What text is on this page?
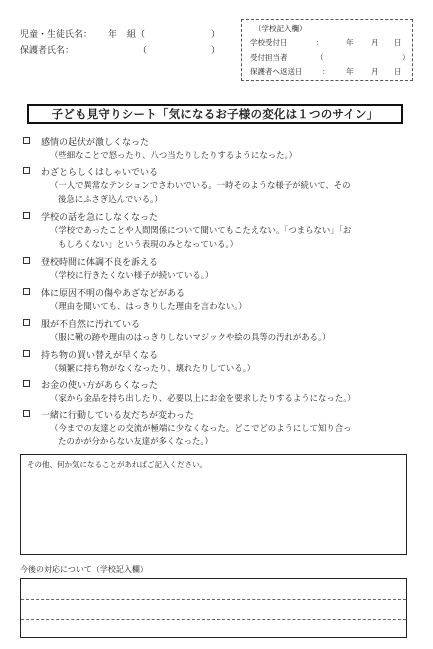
児童・生徒氏名： 年 組（	）
保護者氏名：	（	）
（学校記入欄）
学校受付日	：	年 月 日
受付担当者	（	）
保護者へ返送日	： 年 月 日
子ども見守りシート「気になるお子様の変化は１つのサイン」
感情の起伏が激しくなった
（些細なことで怒ったり、八つ当たりしたりするようになった。）
わざとらしくはしゃいでいる
（一人で異常なテンションでさわいでいる。一時そのような様子が続いて、その
後急にふさぎ込んでいる。）
学校の話を急にしなくなった
（学校であったことや人間関係について聞いてもこたえない。「つまらない」「お
もしろくない」という表現のみとなっている。）
登校時間に体調不良を訴える
（学校に行きたくない様子が続いている。）
体に原因不明の傷やあざなどがある
（理由を聞いても、はっきりした理由を言わない。）
服が不自然に汚れている
（服に靴の跡や理由のはっきりしないマジックや絵の具等の汚れがある。）
持ち物の買い替えが早くなる
（頻繁に持ち物がなくなったり、壊れたりしている。）
お金の使い方があらくなった
（家から金品を持ち出したり、必要以上にお金を要求したりするようになった。）
一緒に行動している友だちが変わった
（今までの友達との交流が極端に少なくなった。どこでどのようにして知り合っ
たのかが分からない友達が多くなった。）
その他、何か気になることがあればご記入ください。
今後の対応について（学校記入欄）
